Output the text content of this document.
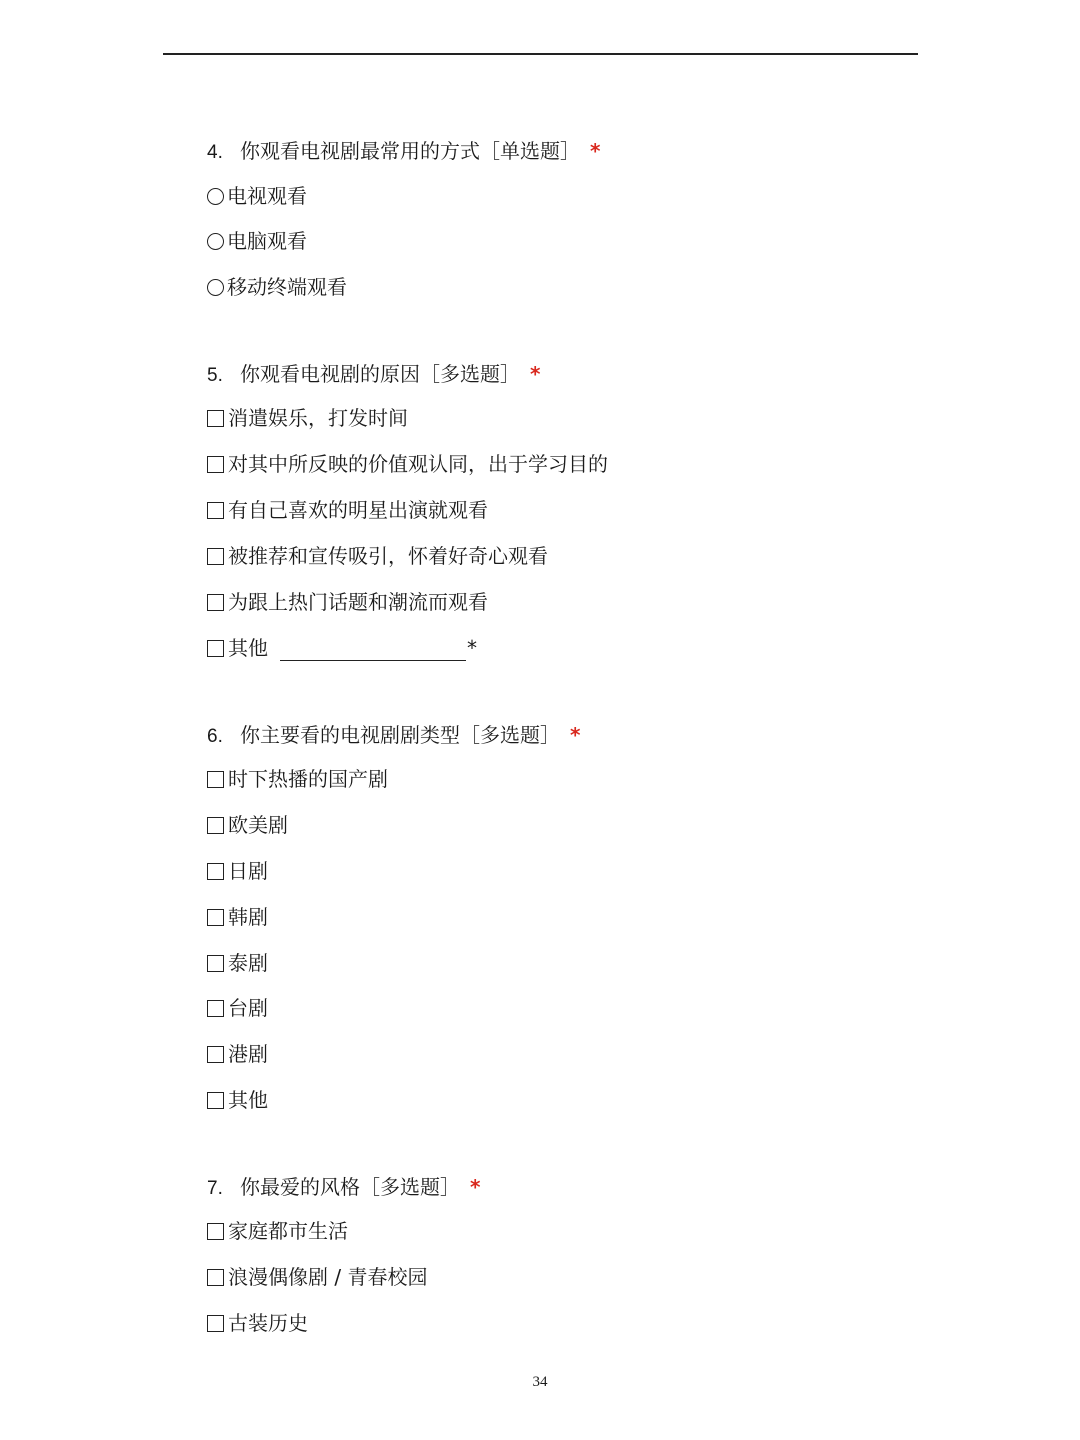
4. 你观看电视剧最常用的方式［单选题］ *
电视观看
电脑观看
移动终端观看
5. 你观看电视剧的原因［多选题］ *
消遣娱乐，打发时间
对其中所反映的价值观认同，出于学习目的
有自己喜欢的明星出演就观看
被推荐和宣传吸引，怀着好奇心观看
为跟上热门话题和潮流而观看
其他	*
6. 你主要看的电视剧剧类型［多选题］ *
时下热播的国产剧
欧美剧
日剧
韩剧
泰剧
台剧
港剧
其他
7. 你最爱的风格［多选题］ *
家庭都市生活
浪漫偶像剧 / 青春校园
古装历史
34
